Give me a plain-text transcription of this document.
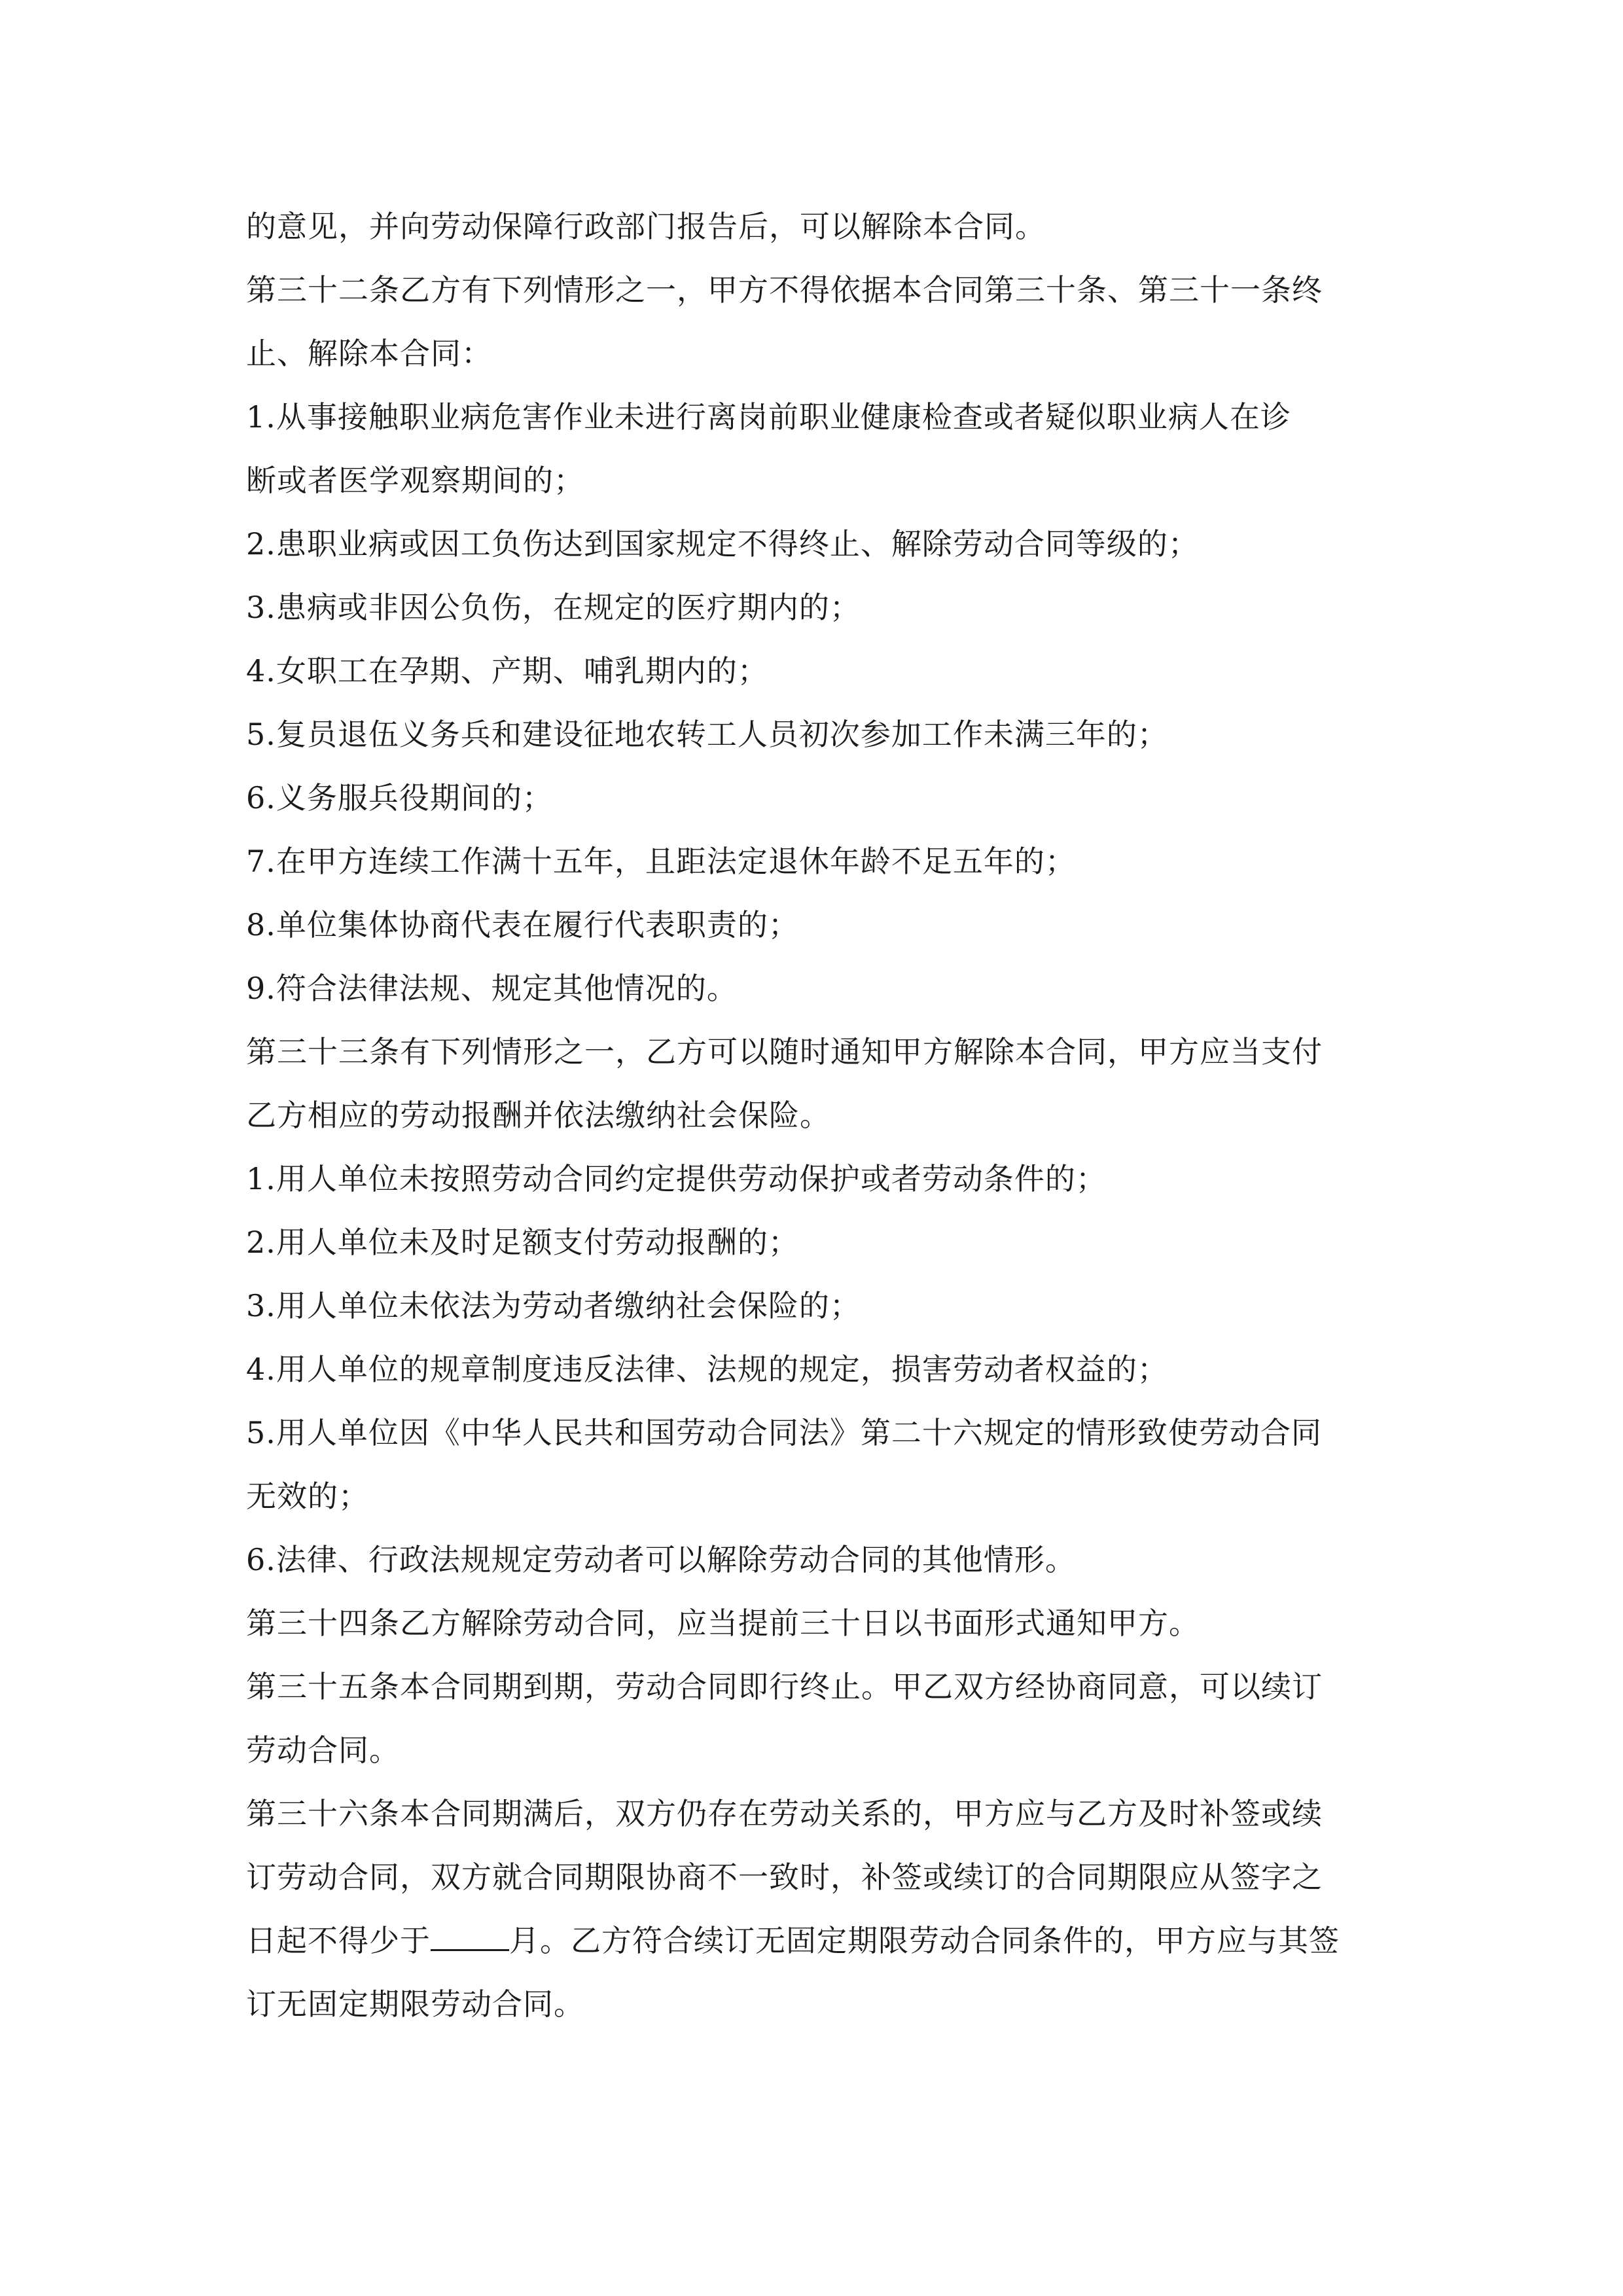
的意见，并向劳动保障行政部门报告后，可以解除本合同。
第三十二条乙方有下列情形之一，甲方不得依据本合同第三十条、第三十一条终
止、解除本合同：
1.从事接触职业病危害作业未进行离岗前职业健康检查或者疑似职业病人在诊
断或者医学观察期间的；
2.患职业病或因工负伤达到国家规定不得终止、解除劳动合同等级的；
3.患病或非因公负伤，在规定的医疗期内的；
4.女职工在孕期、产期、哺乳期内的；
5.复员退伍义务兵和建设征地农转工人员初次参加工作未满三年的；
6.义务服兵役期间的；
7.在甲方连续工作满十五年，且距法定退休年龄不足五年的；
8.单位集体协商代表在履行代表职责的；
9.符合法律法规、规定其他情况的。
第三十三条有下列情形之一，乙方可以随时通知甲方解除本合同，甲方应当支付
乙方相应的劳动报酬并依法缴纳社会保险。
1.用人单位未按照劳动合同约定提供劳动保护或者劳动条件的；
2.用人单位未及时足额支付劳动报酬的；
3.用人单位未依法为劳动者缴纳社会保险的；
4.用人单位的规章制度违反法律、法规的规定，损害劳动者权益的；
5.用人单位因《中华人民共和国劳动合同法》第二十六规定的情形致使劳动合同
无效的；
6.法律、行政法规规定劳动者可以解除劳动合同的其他情形。
第三十四条乙方解除劳动合同，应当提前三十日以书面形式通知甲方。
第三十五条本合同期到期，劳动合同即行终止。甲乙双方经协商同意，可以续订
劳动合同。
第三十六条本合同期满后，双方仍存在劳动关系的，甲方应与乙方及时补签或续
订劳动合同，双方就合同期限协商不一致时，补签或续订的合同期限应从签字之
日起不得少于	月。乙方符合续订无固定期限劳动合同条件的，甲方应与其签
订无固定期限劳动合同。
